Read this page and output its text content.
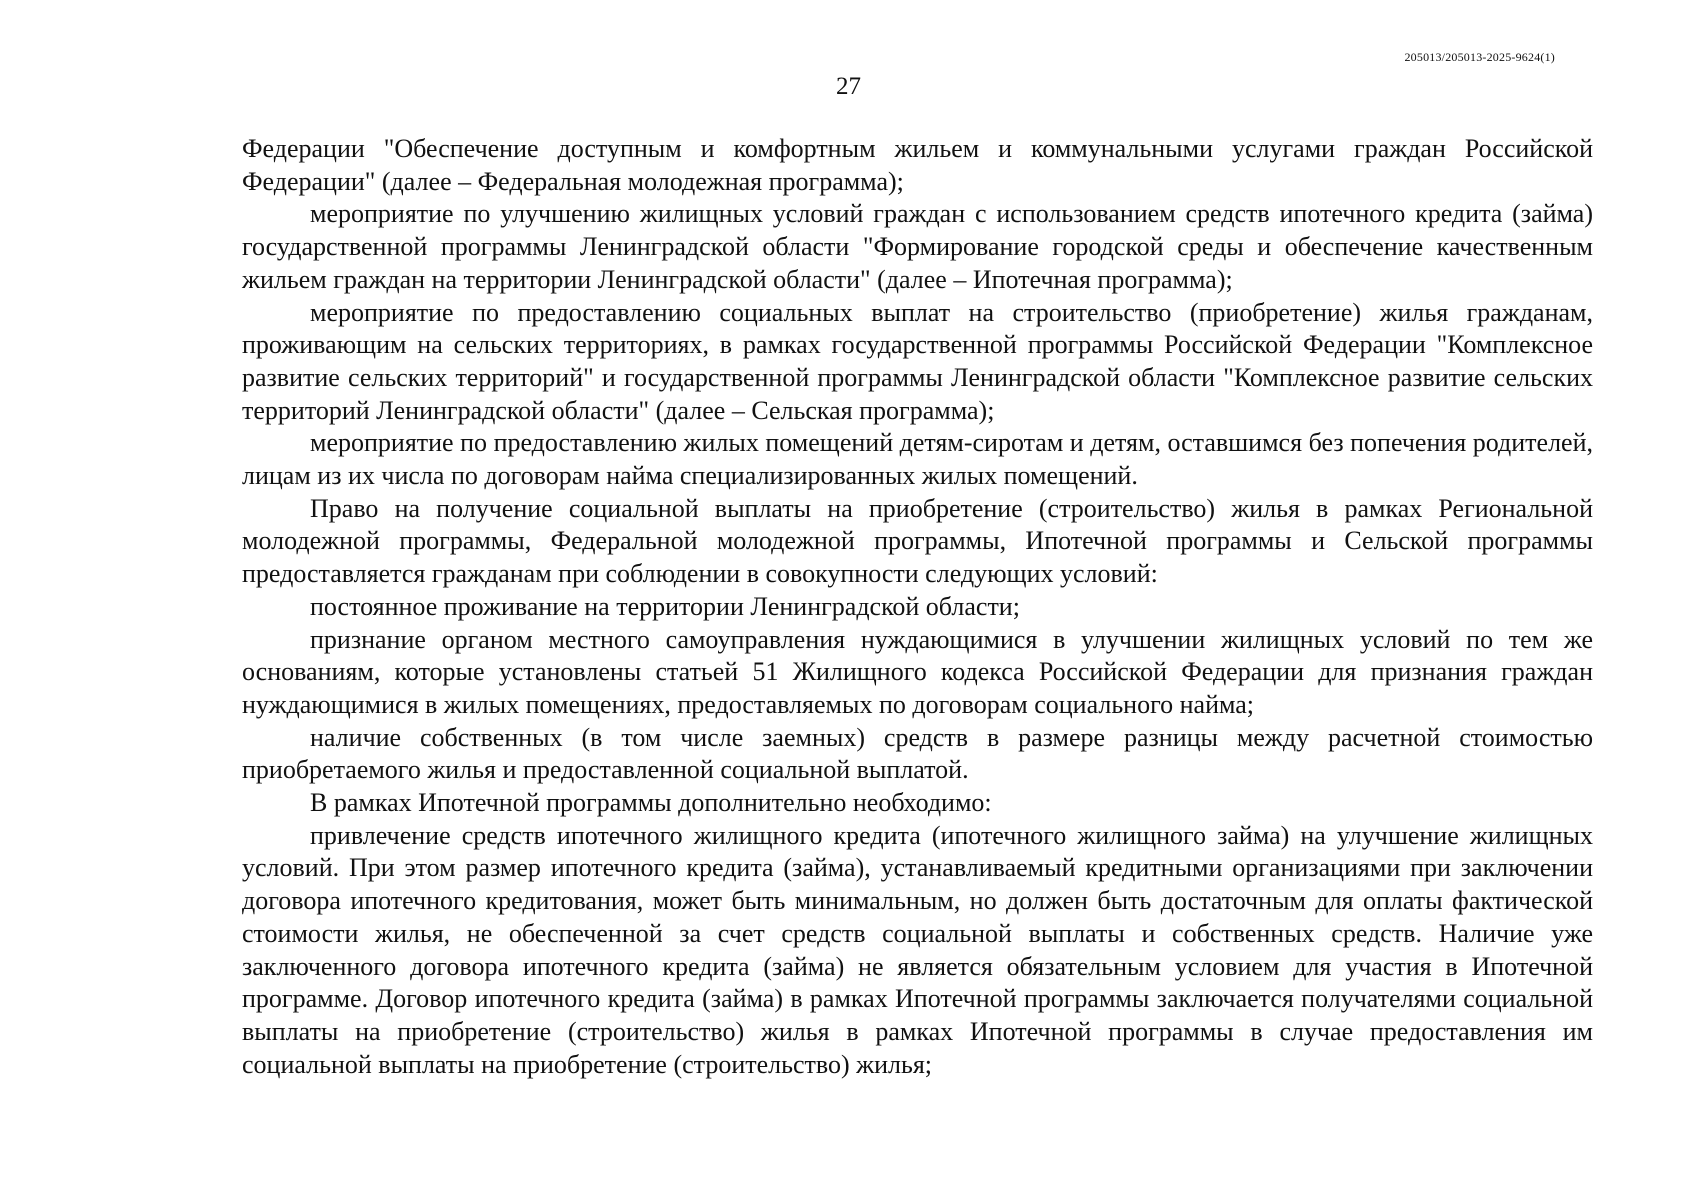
205013/205013-2025-9624(1)
27

Федерации "Обеспечение доступным и комфортным жильем и коммунальными услугами граждан Российской Федерации" (далее – Федеральная молодежная программа);

мероприятие по улучшению жилищных условий граждан с использованием средств ипотечного кредита (займа) государственной программы Ленинградской области "Формирование городской среды и обеспечение качественным жильем граждан на территории Ленинградской области" (далее – Ипотечная программа);

мероприятие по предоставлению социальных выплат на строительство (приобретение) жилья гражданам, проживающим на сельских территориях, в рамках государственной программы Российской Федерации "Комплексное развитие сельских территорий" и государственной программы Ленинградской области "Комплексное развитие сельских территорий Ленинградской области" (далее – Сельская программа);

мероприятие по предоставлению жилых помещений детям-сиротам и детям, оставшимся без попечения родителей, лицам из их числа по договорам найма специализированных жилых помещений.

Право на получение социальной выплаты на приобретение (строительство) жилья в рамках Региональной молодежной программы, Федеральной молодежной программы, Ипотечной программы и Сельской программы предоставляется гражданам при соблюдении в совокупности следующих условий:

постоянное проживание на территории Ленинградской области;

признание органом местного самоуправления нуждающимися в улучшении жилищных условий по тем же основаниям, которые установлены статьей 51 Жилищного кодекса Российской Федерации для признания граждан нуждающимися в жилых помещениях, предоставляемых по договорам социального найма;

наличие собственных (в том числе заемных) средств в размере разницы между расчетной стоимостью приобретаемого жилья и предоставленной социальной выплатой.

В рамках Ипотечной программы дополнительно необходимо:

привлечение средств ипотечного жилищного кредита (ипотечного жилищного займа) на улучшение жилищных условий. При этом размер ипотечного кредита (займа), устанавливаемый кредитными организациями при заключении договора ипотечного кредитования, может быть минимальным, но должен быть достаточным для оплаты фактической стоимости жилья, не обеспеченной за счет средств социальной выплаты и собственных средств. Наличие уже заключенного договора ипотечного кредита (займа) не является обязательным условием для участия в Ипотечной программе. Договор ипотечного кредита (займа) в рамках Ипотечной программы заключается получателями социальной выплаты на приобретение (строительство) жилья в рамках Ипотечной программы в случае предоставления им социальной выплаты на приобретение (строительство) жилья;
